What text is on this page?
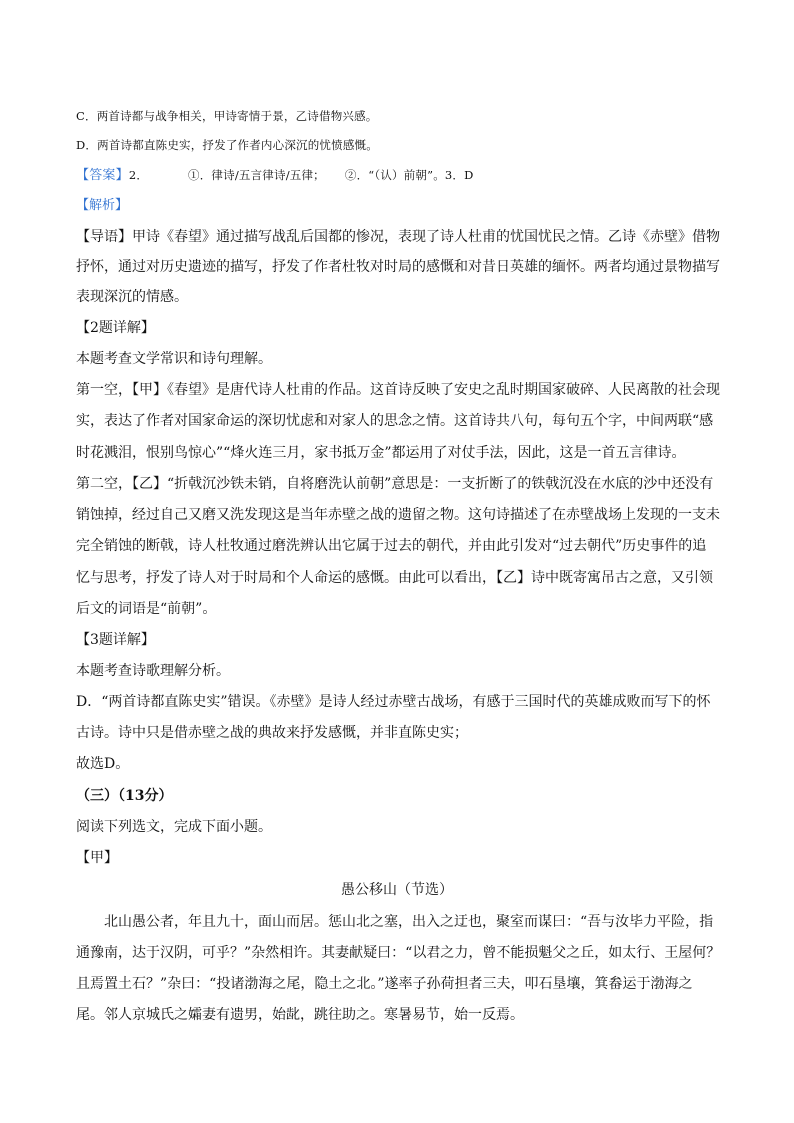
C．两首诗都与战争相关，甲诗寄情于景，乙诗借物兴感。
D．两首诗都直陈史实，抒发了作者内心深沉的忧愤感慨。
【答案】2．	①．律诗/五言律诗/五律； ②．“（认）前朝”。3．D
【解析】
【导语】甲诗《春望》通过描写战乱后国都的惨况，表现了诗人杜甫的忧国忧民之情。乙诗《赤壁》借物
抒怀，通过对历史遗迹的描写，抒发了作者杜牧对时局的感慨和对昔日英雄的缅怀。两者均通过景物描写
表现深沉的情感。
【2题详解】
本题考查文学常识和诗句理解。
第一空，【甲】《春望》是唐代诗人杜甫的作品。这首诗反映了安史之乱时期国家破碎、人民离散的社会现
实，表达了作者对国家命运的深切忧虑和对家人的思念之情。这首诗共八句，每句五个字，中间两联“感
时花溅泪，恨别鸟惊心”“烽火连三月，家书抵万金”都运用了对仗手法，因此，这是一首五言律诗。
第二空，【乙】“折戟沉沙铁未销，自将磨洗认前朝”意思是：一支折断了的铁戟沉没在水底的沙中还没有
销蚀掉，经过自己又磨又洗发现这是当年赤壁之战的遗留之物。这句诗描述了在赤壁战场上发现的一支未
完全销蚀的断戟，诗人杜牧通过磨洗辨认出它属于过去的朝代，并由此引发对“过去朝代”历史事件的追
忆与思考，抒发了诗人对于时局和个人命运的感慨。由此可以看出，【乙】诗中既寄寓吊古之意，又引领
后文的词语是“前朝”。
【3题详解】
本题考查诗歌理解分析。
D．“两首诗都直陈史实”错误。《赤壁》是诗人经过赤壁古战场，有感于三国时代的英雄成败而写下的怀
古诗。诗中只是借赤壁之战的典故来抒发感慨，并非直陈史实；
故选D。
（三）（13分）
阅读下列选文，完成下面小题。
【甲】
愚公移山（节选）
北山愚公者，年且九十，面山而居。惩山北之塞，出入之迂也，聚室而谋曰：“吾与汝毕力平险，指
通豫南，达于汉阴，可乎？”杂然相许。其妻献疑曰：“以君之力，曾不能损魁父之丘，如太行、王屋何？
且焉置土石？”杂曰：“投诸渤海之尾，隐土之北。”遂率子孙荷担者三夫，叩石垦壤，箕畚运于渤海之
尾。邻人京城氏之孀妻有遗男，始龀，跳往助之。寒暑易节，始一反焉。
